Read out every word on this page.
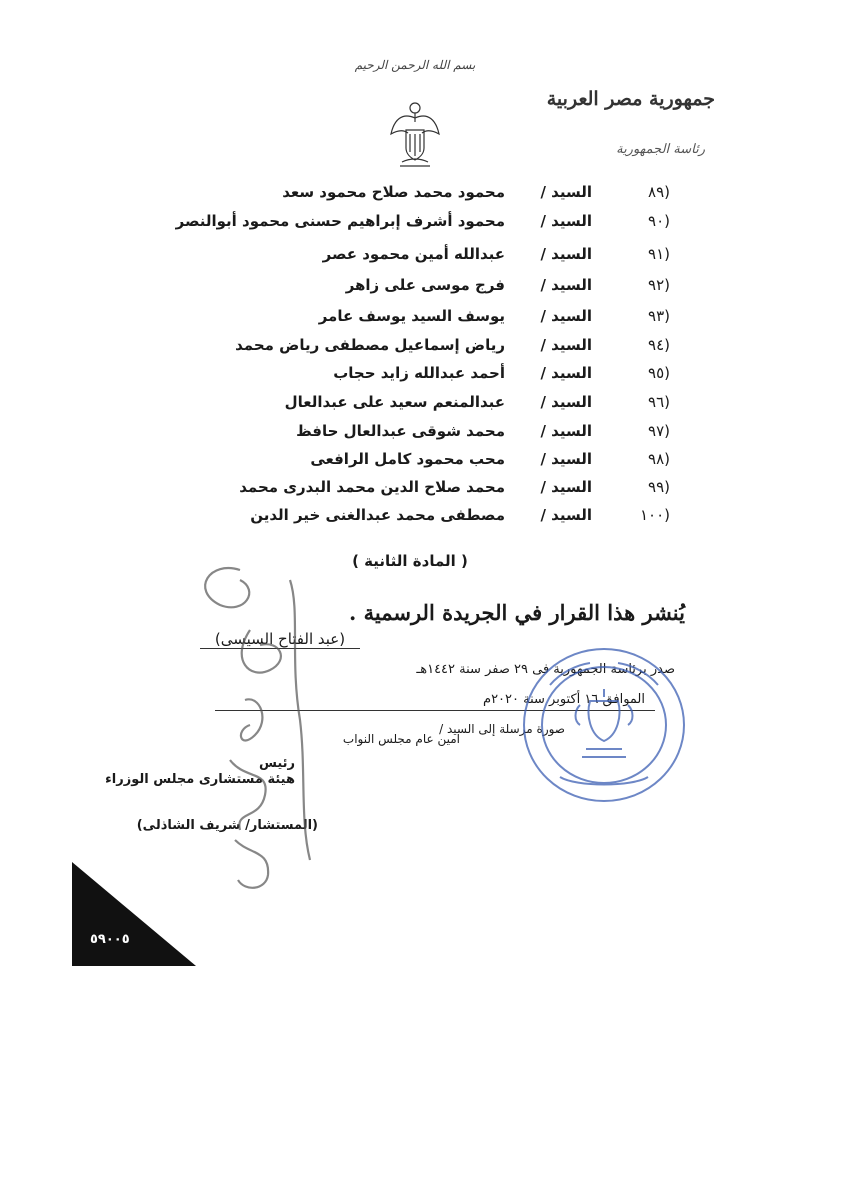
بسم الله الرحمن الرحيم
جمهورية مصر العربية
رئاسة الجمهورية
٨٩)
السيد /
محمود محمد صلاح محمود سعد
٩٠)
السيد /
محمود أشرف إبراهيم حسنى محمود أبوالنصر
٩١)
السيد /
عبدالله أمين محمود عصر
٩٢)
السيد /
فرج موسى على زاهر
٩٣)
السيد /
يوسف السيد يوسف عامر
٩٤)
السيد /
رياض إسماعيل مصطفى رياض محمد
٩٥)
السيد /
أحمد عبدالله زايد حجاب
٩٦)
السيد /
عبدالمنعم سعيد على عبدالعال
٩٧)
السيد /
محمد شوقى عبدالعال حافظ
٩٨)
السيد /
محب محمود كامل الرافعى
٩٩)
السيد /
محمد صلاح الدين محمد البدرى محمد
١٠٠)
السيد /
مصطفى محمد عبدالغنى خير الدين
( المادة الثانية )
يُنشر هذا القرار في الجريدة الرسمية .
(عبد الفتاح السيسى)
صدر برئاسة الجمهورية فى ٢٩ صفر سنة ١٤٤٢هـ
الموافق ١٦ أكتوبر سنة ٢٠٢٠م
صورة مرسلة إلى السيد /
امين عام مجلس النواب
رئيس
هيئة مستشارى مجلس الوزراء
(المستشار/ شريف الشاذلى)
٥٩٠٠٥
